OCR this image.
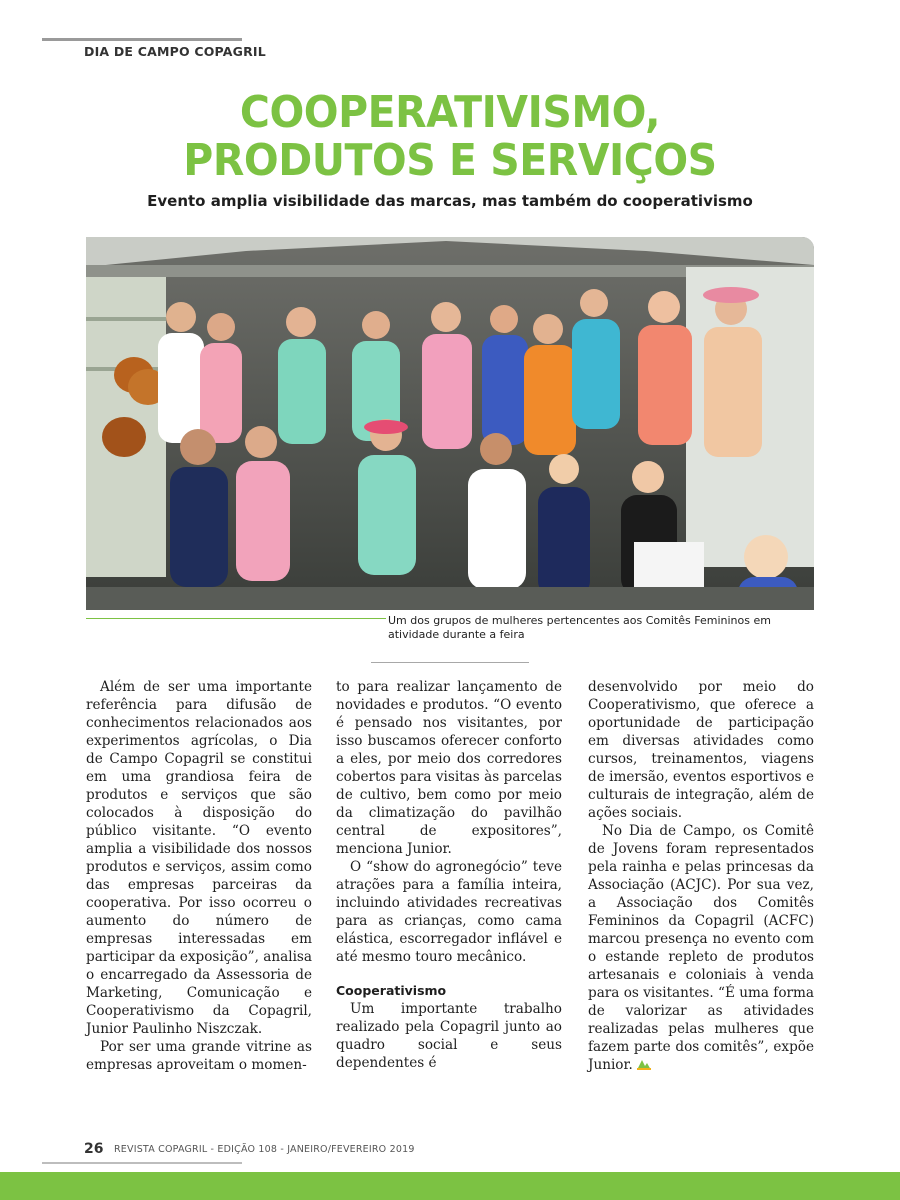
DIA DE CAMPO COPAGRIL
COOPERATIVISMO,
PRODUTOS E SERVIÇOS
Evento amplia visibilidade das marcas, mas também do cooperativismo
Um dos grupos de mulheres pertencentes aos Comitês Femininos em atividade durante a feira

Além de ser uma importante referência para difusão de conhecimentos relacionados aos experimentos agrícolas, o Dia de Campo Copagril se constitui em uma grandiosa feira de produtos e serviços que são colocados à disposição do público visitante. “O evento amplia a visibilidade dos nossos produtos e serviços, assim como das empresas parceiras da cooperativa. Por isso ocorreu o aumento do número de empresas interessadas em participar da exposição”, analisa o encarregado da Assessoria de Marketing, Comunicação e Cooperativismo da Copagril, Junior Paulinho Niszczak.

Por ser uma grande vitrine as empresas aproveitam o momen-

to para realizar lançamento de novidades e produtos. “O evento é pensado nos visitantes, por isso buscamos oferecer conforto a eles, por meio dos corredores cobertos para visitas às parcelas de cultivo, bem como por meio da climatização do pavilhão central de expositores”, menciona Junior.

O “show do agronegócio” teve atrações para a família inteira, incluindo atividades recreativas para as crianças, como cama elástica, escorregador inflável e até mesmo touro mecânico.

Cooperativismo

Um importante trabalho realizado pela Copagril junto ao quadro social e seus dependentes é

desenvolvido por meio do Cooperativismo, que oferece a oportunidade de participação em diversas atividades como cursos, treinamentos, viagens de imersão, eventos esportivos e culturais de integração, além de ações sociais.

No Dia de Campo, os Comitê de Jovens foram representados pela rainha e pelas princesas da Associação (ACJC). Por sua vez, a Associação dos Comitês Femininos da Copagril (ACFC) marcou presença no evento com o estande repleto de produtos artesanais e coloniais à venda para os visitantes. “É uma forma de valorizar as atividades realizadas pelas mulheres que fazem parte dos comitês”, expõe Junior.

26 REVISTA COPAGRIL - EDIÇÃO 108 - JANEIRO/FEVEREIRO 2019
